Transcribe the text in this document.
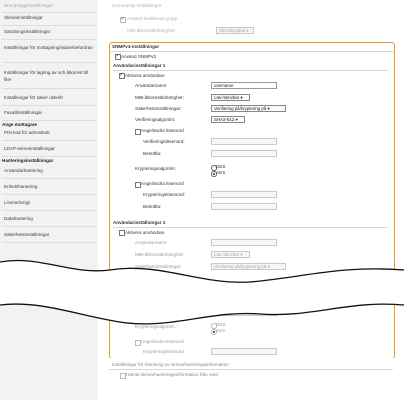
Brandväggsinställningar
Skrivarinställningar
Sändningsinställningar
Inställningar för mottagning/vidarebefordran
Inställningar för lagring av och åtkomst till filer
Inställningar för säker utskrift
Faxutilinställningar
Ange mottagare
PIN-kod för adressbok
LDAP-serverinställningar
Hanteringsinställningar
Användarhantering
Enhetshantering
Licens/övrigt
Datahantering
Säkerhetsinställningar
Community-inställningar
✓
Använd dedikerad grupp
MIB-åtkomstbehörighet:	Skrivskyddad ▾
SNMPv3-inställningar
✓
Använd SNMPv3
Användarinställningar 1
✓
Aktivera användare
Användarnamn:	username
MIB-åtkomstbehörighet:	Läs-/skrivbar ▾
Säkerhetsinställningar:	Verifiering på/kryptering på ▾
Verifieringsalgoritm:	SHA2-512 ▾
Ange/ändra lösenord
Verifieringslösenord:
Bekräfta:
Krypteringsalgoritm:	DES
AES
Ange/ändra lösenord
Krypteringslösenord:
Bekräfta:
Användarinställningar 2
Aktivera användare
Användarnamn:
MIB-åtkomstbehörighet:	Läs-/skrivbar ▾
Säkerhetsinställningar:	Verifiering på/kryptering på ▾
Krypteringsalgoritm:	DES
AES
Ange/ändra lösenord
Krypteringslösenord:
Inställningar för hämtning av skrivarhanteringsinformation
Hämta skrivarhanteringsinformation från värd
